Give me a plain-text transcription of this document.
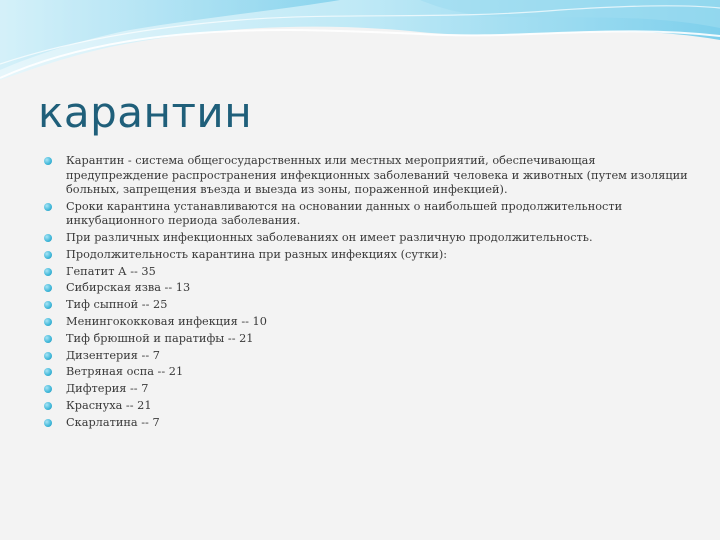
карантин
Карантин - система общегосударственных или местных мероприятий, обеспечивающая предупреждение распространения инфекционных заболеваний человека и животных (путем изоляции больных, запрещения въезда и выезда из зоны, пораженной инфекцией).
Сроки карантина устанавливаются на основании данных о наибольшей продолжительности инкубационного периода заболевания.
При различных инфекционных заболеваниях он имеет различную продолжительность.
Продолжительность карантина при разных инфекциях (сутки):
Гепатит А -- 35
Сибирская язва -- 13
Тиф сыпной -- 25
Менингококковая инфекция -- 10
Тиф брюшной и паратифы -- 21
Дизентерия -- 7
Ветряная оспа -- 21
Дифтерия -- 7
Краснуха -- 21
Скарлатина -- 7
